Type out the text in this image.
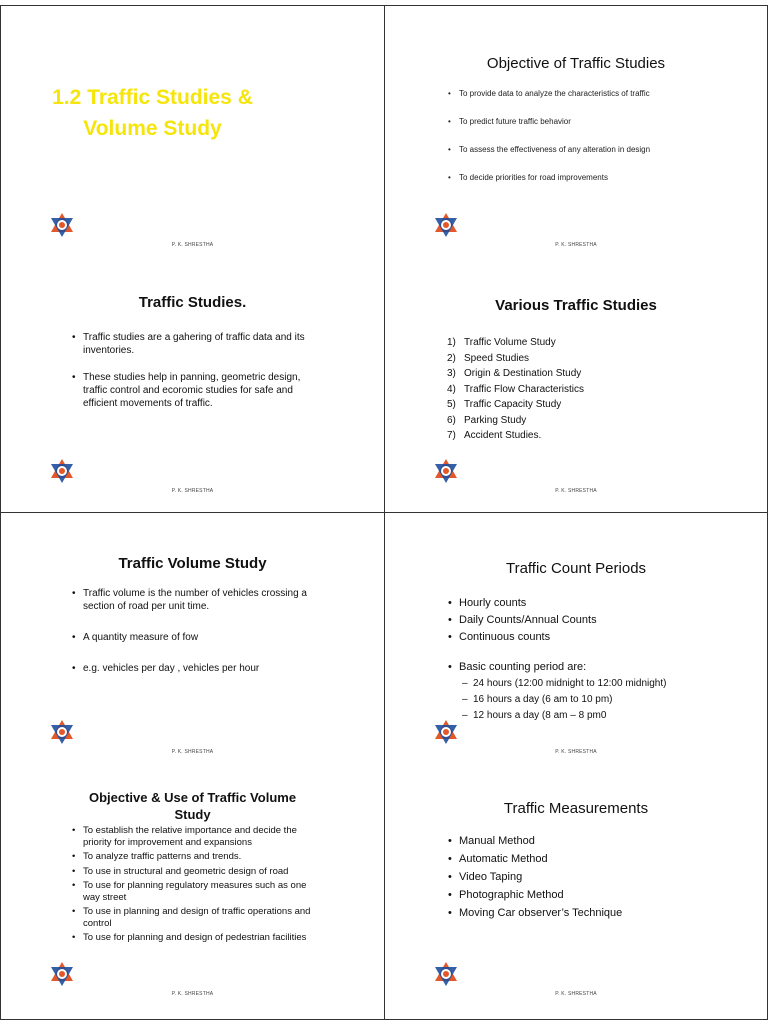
1.2 Traffic Studies &
Volume Study
P. K. SHRESTHA
Traffic Studies.
• Traffic studies are a gahering of traffic data and its inventories.
• These studies help in panning, geometric design, traffic control and ecoromic studies for safe and efficient movements of traffic.
P. K. SHRESTHA
Objective of Traffic Studies
• To provide data to analyze the characteristics of traffic
• To predict future traffic behavior
• To assess the effectiveness of any alteration in design
• To decide priorities for road improvements
P. K. SHRESTHA
Various Traffic Studies
1) Traffic Volume Study
2) Speed Studies
3) Origin & Destination Study
4) Traffic Flow Characteristics
5) Traffic Capacity Study
6) Parking Study
7) Accident Studies.
P. K. SHRESTHA
Traffic Volume Study
• Traffic volume is the number of vehicles crossing a section of road per unit time.
• A quantity measure of fow
• e.g. vehicles per day , vehicles per hour
P. K. SHRESTHA
Objective & Use of Traffic Volume
Study
• To establish the relative importance and decide the priority for improvement and expansions
• To analyze traffic patterns and trends.
• To use in structural and geometric design of road
• To use for planning regulatory measures such as one way street
• To use in planning and design of traffic operations and control
• To use for planning and design of pedestrian facilities
P. K. SHRESTHA
Traffic Count Periods
• Hourly counts
• Daily Counts/Annual Counts
• Continuous counts
• Basic counting period are:
– 24 hours (12:00 midnight to 12:00 midnight)
– 16 hours a day (6 am to 10 pm)
– 12 hours a day (8 am – 8 pm0
P. K. SHRESTHA
Traffic Measurements
• Manual Method
• Automatic Method
• Video Taping
• Photographic Method
• Moving Car observer’s Technique
P. K. SHRESTHA
